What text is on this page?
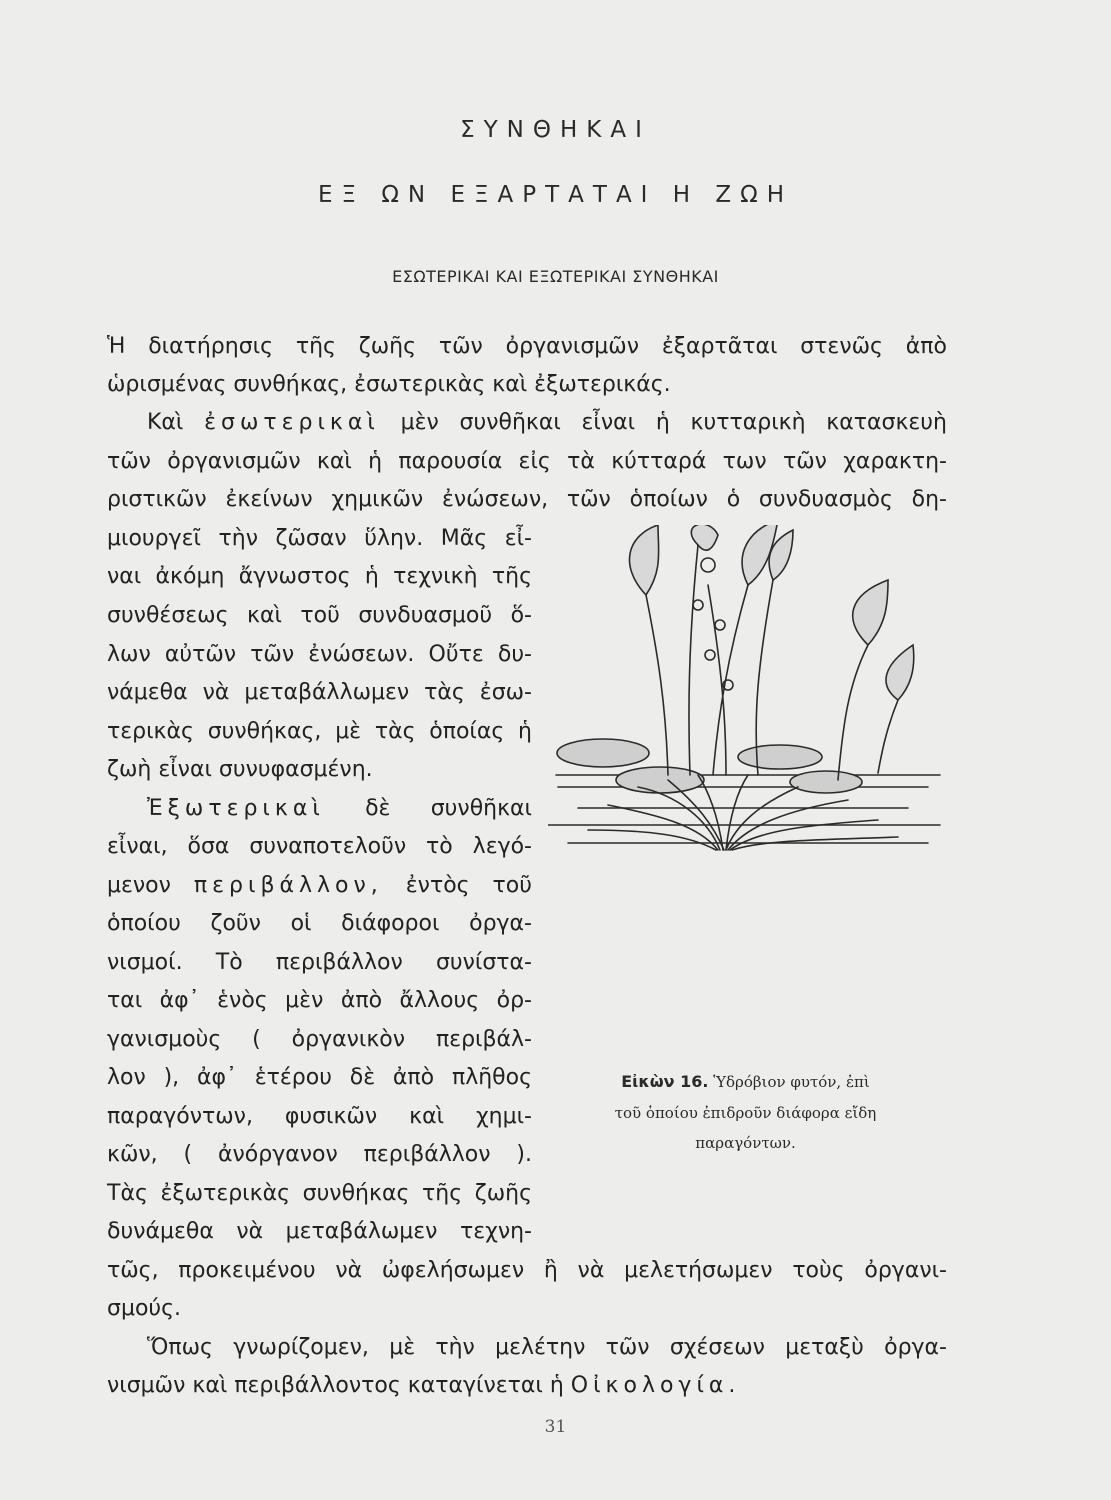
ΣΥΝΘΗΚΑΙ
ΕΞ ΩΝ ΕΞΑΡΤΑΤΑΙ Η ΖΩΗ
ΕΣΩΤΕΡΙΚΑΙ ΚΑΙ ΕΞΩΤΕΡΙΚΑΙ ΣΥΝΘΗΚΑΙ

Ἡ διατήρησις τῆς ζωῆς τῶν ὀργανισμῶν ἐξαρτᾶται στενῶς ἀπὸ

ὡρισμένας συνθήκας, ἐσωτερικὰς καὶ ἐξωτερικάς.

Καὶ ἐσωτερικαὶ μὲν συνθῆκαι εἶναι ἡ κυτταρικὴ κατασκευὴ

τῶν ὀργανισμῶν καὶ ἡ παρουσία εἰς τὰ κύτταρά των τῶν χαρακτη-

ριστικῶν ἐκείνων χημικῶν ἐνώσεων, τῶν ὁποίων ὁ συνδυασμὸς δη-

μιουργεῖ τὴν ζῶσαν ὕλην. Μᾶς εἶ-

ναι ἀκόμη ἄγνωστος ἡ τεχνικὴ τῆς

συνθέσεως καὶ τοῦ συνδυασμοῦ ὅ-

λων αὐτῶν τῶν ἐνώσεων. Οὔτε δυ-

νάμεθα νὰ μεταβάλλωμεν τὰς ἐσω-

τερικὰς συνθήκας, μὲ τὰς ὁποίας ἡ

ζωὴ εἶναι συνυφασμένη.

Ἐξωτερικαὶ δὲ συνθῆκαι

εἶναι, ὅσα συναποτελοῦν τὸ λεγό-

μενον περιβάλλον, ἐντὸς τοῦ

ὁποίου ζοῦν οἱ διάφοροι ὀργα-

νισμοί. Τὸ περιβάλλον συνίστα-

ται ἀφ᾽ ἑνὸς μὲν ἀπὸ ἄλλους ὀρ-

γανισμοὺς ( ὀργανικὸν περιβάλ-

λον ), ἀφ᾽ ἑτέρου δὲ ἀπὸ πλῆθος

παραγόντων, φυσικῶν καὶ χημι-

κῶν, ( ἀνόργανον περιβάλλον ).

Τὰς ἐξωτερικὰς συνθήκας τῆς ζωῆς

δυνάμεθα νὰ μεταβάλωμεν τεχνη-

τῶς, προκειμένου νὰ ὠφελήσωμεν ἢ νὰ μελετήσωμεν τοὺς ὀργανι-

σμούς.

Ὅπως γνωρίζομεν, μὲ τὴν μελέτην τῶν σχέσεων μεταξὺ ὀργα-

νισμῶν καὶ περιβάλλοντος καταγίνεται ἡ Οἰκολογία.

Εἰκὼν 16. Ὑδρόβιον φυτόν, ἐπὶ
τοῦ ὁποίου ἐπιδροῦν διάφορα εἴδη
παραγόντων.
31
